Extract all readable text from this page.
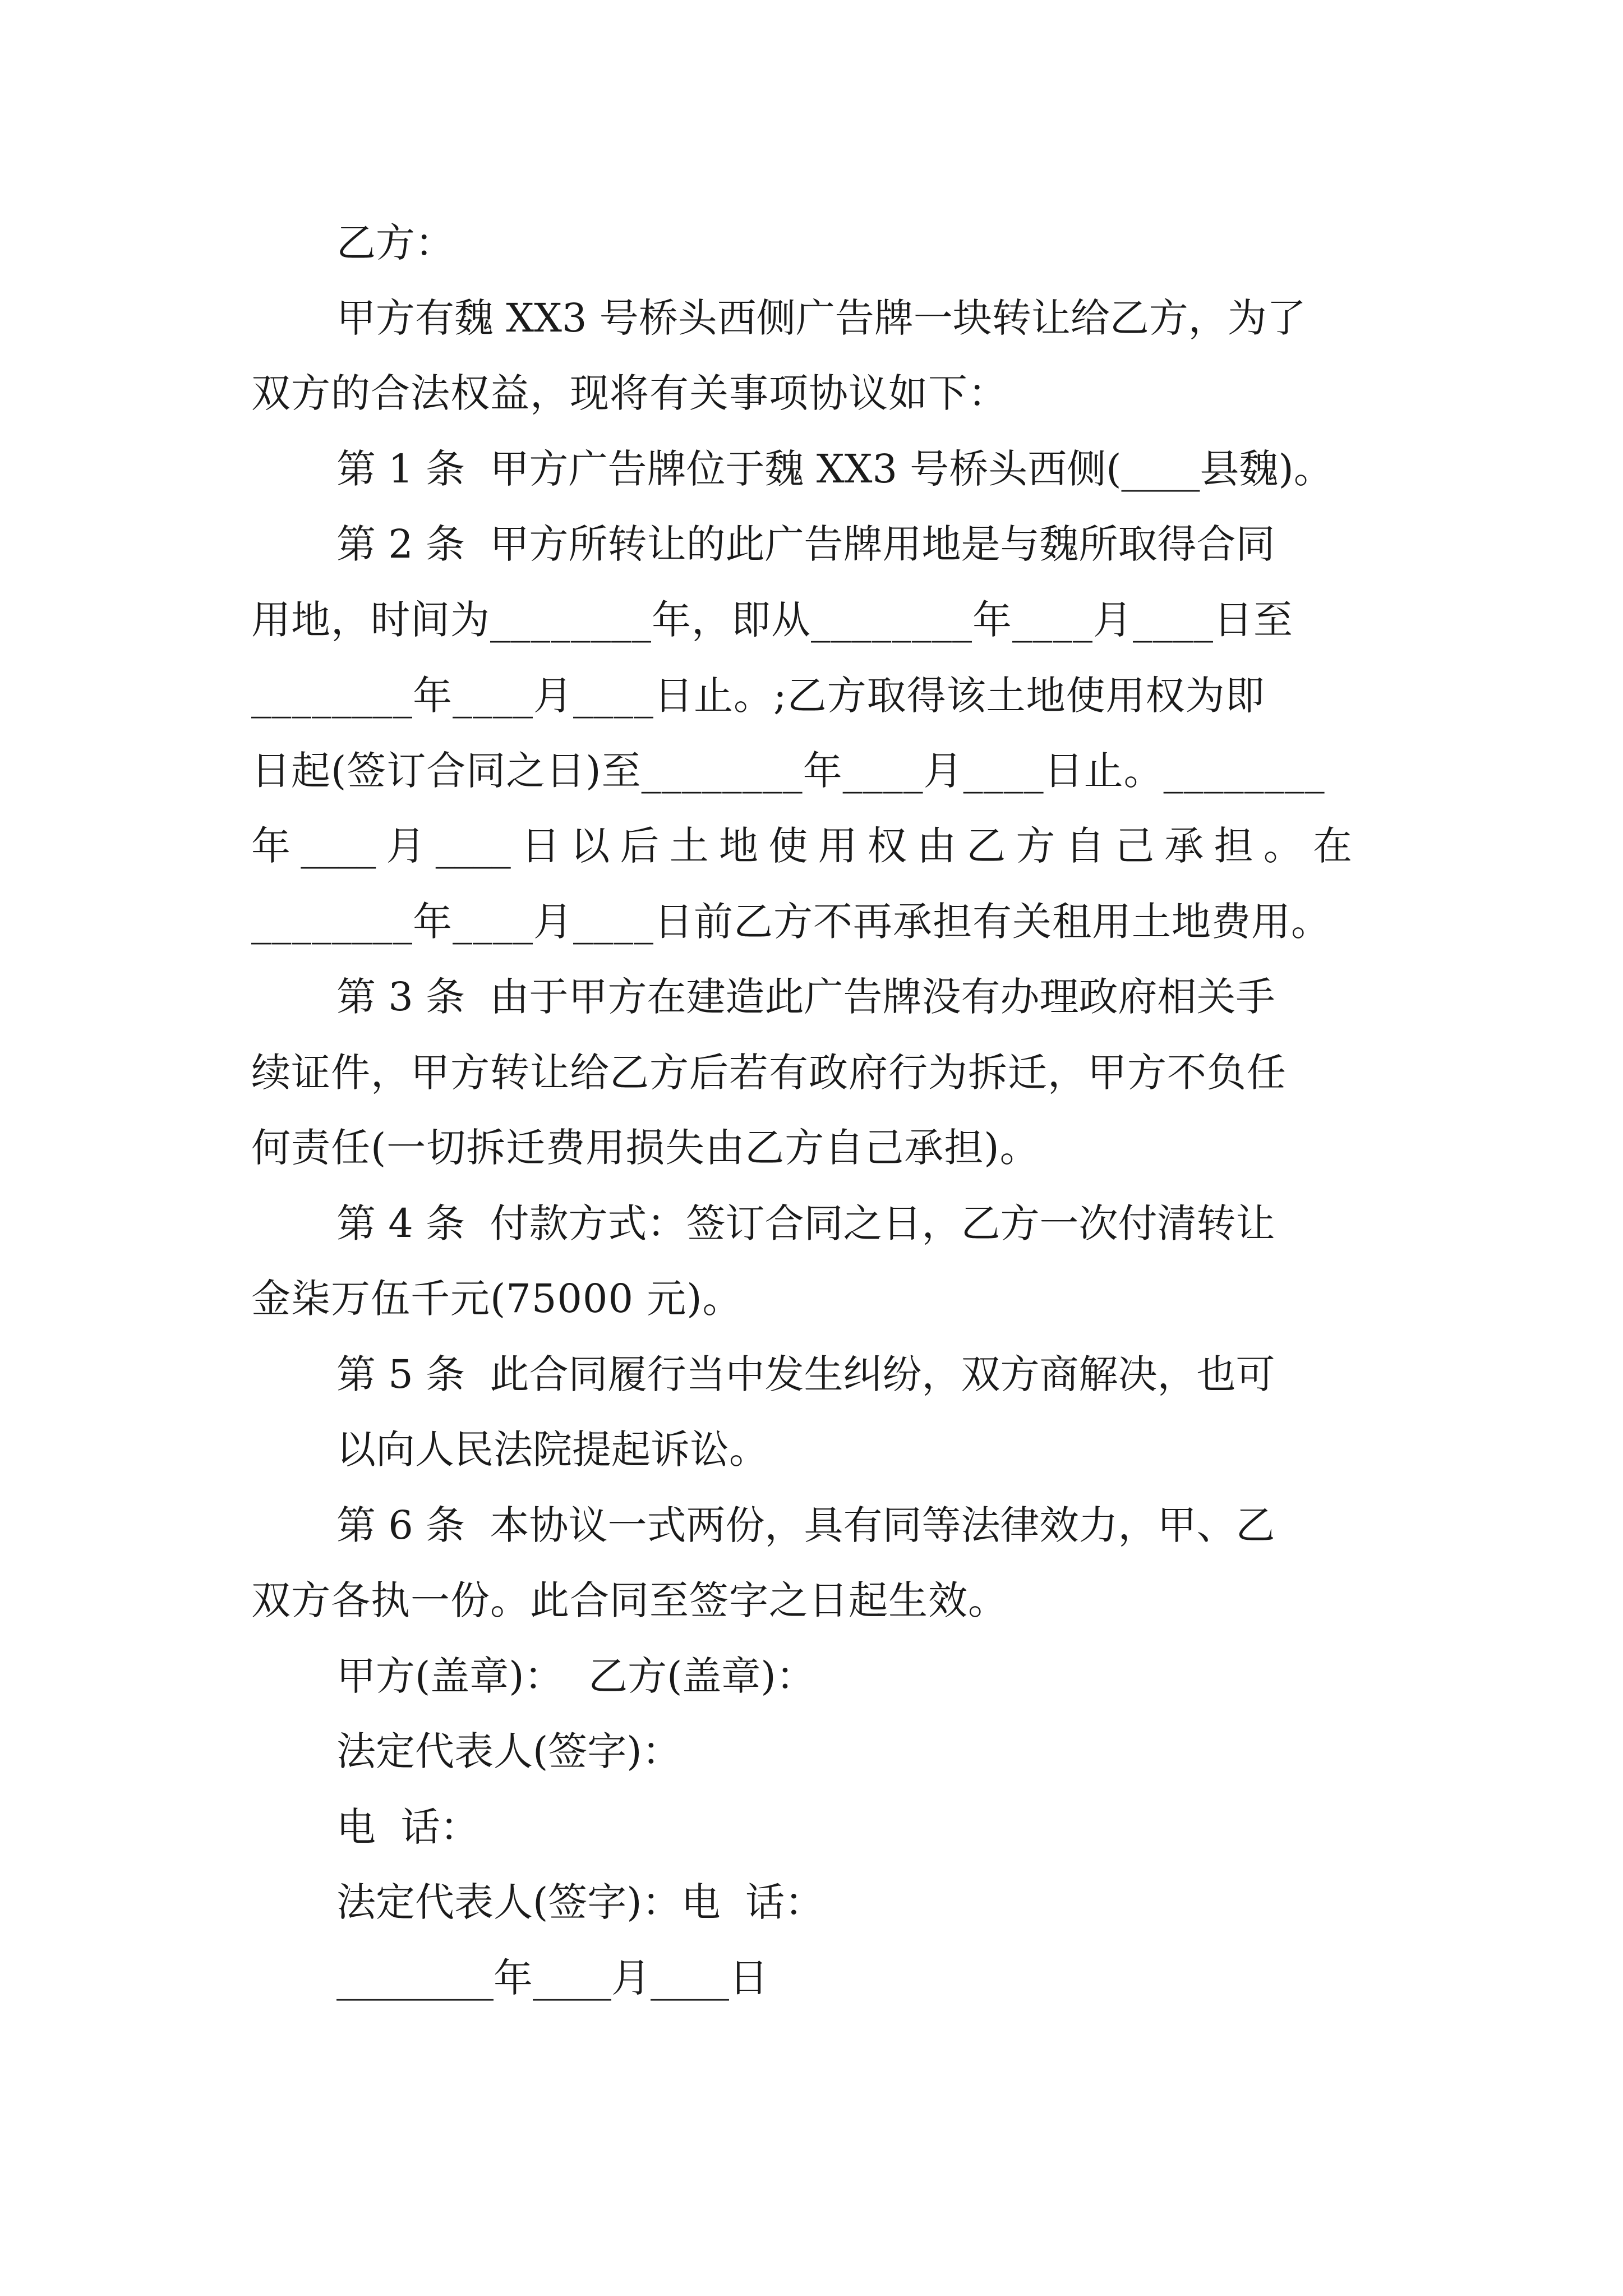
乙方：
甲方有魏 XX3 号桥头西侧广告牌一块转让给乙方，为了
双方的合法权益，现将有关事项协议如下：
第 1 条  甲方广告牌位于魏 XX3 号桥头西侧(____县魏)。
第 2 条  甲方所转让的此广告牌用地是与魏所取得合同
用地，时间为________年，即从________年____月____日至
________年____月____日止。;乙方取得该土地使用权为即
日起(签订合同之日)至________年____月____日止。________
年 ____ 月 ____ 日 以 后 土 地 使 用 权 由 乙 方 自 己 承 担 。 在
________年____月____日前乙方不再承担有关租用土地费用。
第 3 条  由于甲方在建造此广告牌没有办理政府相关手
续证件，甲方转让给乙方后若有政府行为拆迁，甲方不负任
何责任(一切拆迁费用损失由乙方自己承担)。
第 4 条  付款方式：签订合同之日，乙方一次付清转让
金柒万伍千元(75000 元)。
第 5 条  此合同履行当中发生纠纷，双方商解决，也可
以向人民法院提起诉讼。
第 6 条  本协议一式两份，具有同等法律效力，甲、乙
双方各执一份。此合同至签字之日起生效。
甲方(盖章)：  乙方(盖章)：
法定代表人(签字)：
电  话：
法定代表人(签字)：电  话：
________年____月____日
